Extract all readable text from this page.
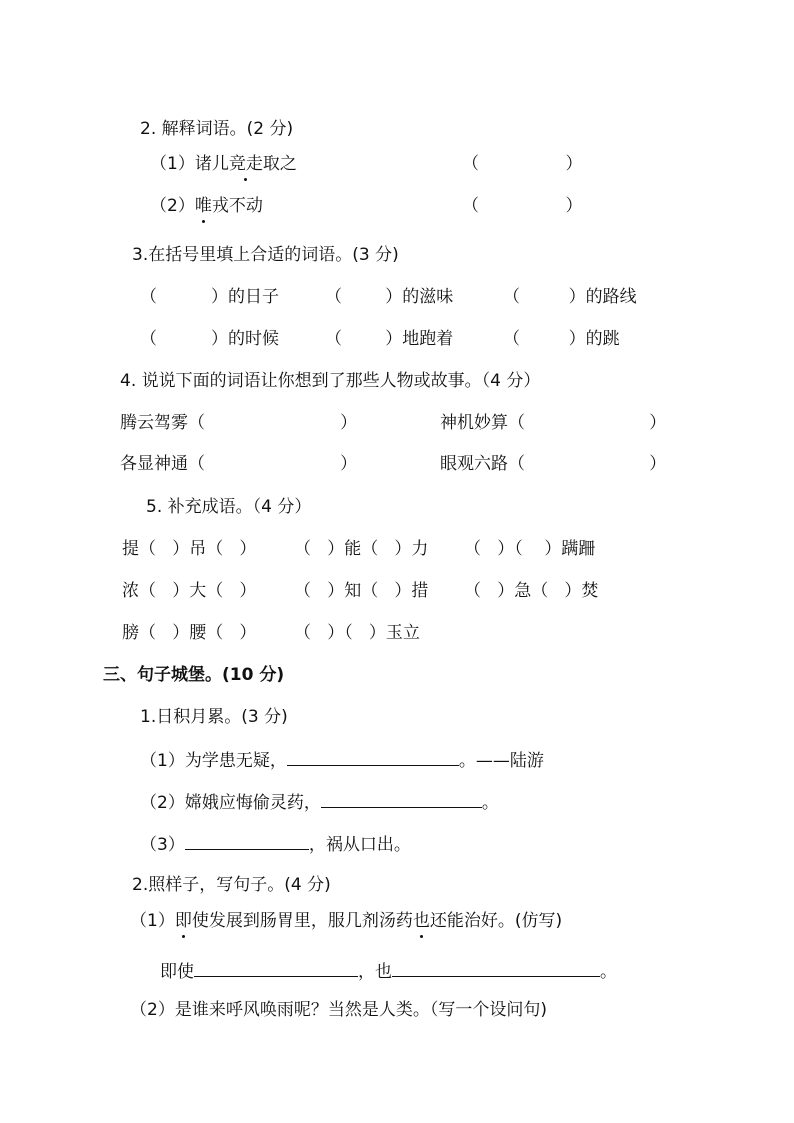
2. 解释词语。(2 分)
（1）诸儿竞走取之	（                ）
（2）唯戎不动	（                ）
3.在括号里填上合适的词语。(3 分)
（          ）的日子	（        ）的滋味	（         ）的路线
（          ）的时候	（        ）地跑着	（         ）的跳
4. 说说下面的词语让你想到了那些人物或故事。（4 分）
腾云驾雾（                         ）	神机妙算（                       ）
各显神通（                         ）	眼观六路（                       ）
5. 补充成语。（4 分）
提（   ）吊（   ） （   ）能（   ）力 （   ）（    ）蹒跚
浓（   ）大（   ） （   ）知（   ）措 （   ）急（   ）焚
膀（   ）腰（   ） （   ）（   ）玉立
三、句子城堡。(10 分)
1.日积月累。(3 分)
（1）为学患无疑，	。——陆游
（2）嫦娥应悔偷灵药，	。
（3）	，祸从口出。
2.照样子，写句子。(4 分)
（1）即使发展到肠胃里，服几剂汤药也还能治好。(仿写)
即使	，也	。
（2）是谁来呼风唤雨呢？当然是人类。（写一个设问句)
